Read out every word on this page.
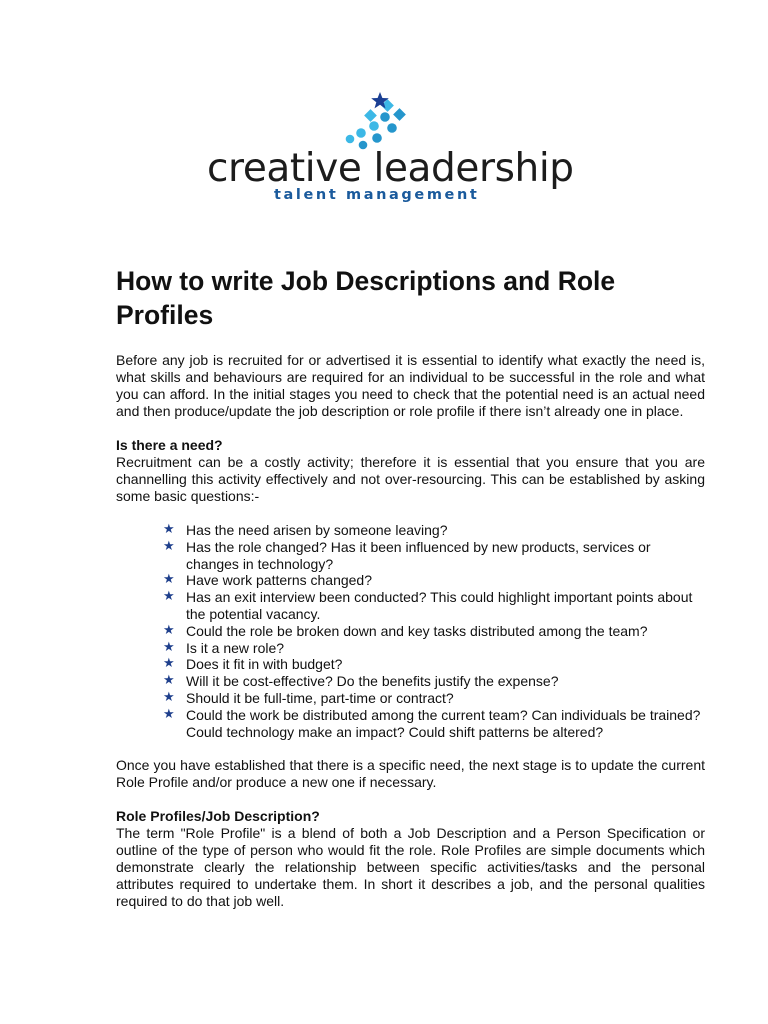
creative leadership
talent management
How to write Job Descriptions and Role Profiles

Before any job is recruited for or advertised it is essential to identify what exactly the need is, what skills and behaviours are required for an individual to be successful in the role and what you can afford. In the initial stages you need to check that the potential need is an actual need and then produce/update the job description or role profile if there isn’t already one in place.

Is there a need?

Recruitment can be a costly activity; therefore it is essential that you ensure that you are channelling this activity effectively and not over-resourcing. This can be established by asking some basic questions:-

★ Has the need arisen by someone leaving?
★ Has the role changed? Has it been influenced by new products, services or changes in technology?
★ Have work patterns changed?
★ Has an exit interview been conducted? This could highlight important points about the potential vacancy.
★ Could the role be broken down and key tasks distributed among the team?
★ Is it a new role?
★ Does it fit in with budget?
★ Will it be cost-effective? Do the benefits justify the expense?
★ Should it be full-time, part-time or contract?
★ Could the work be distributed among the current team? Can individuals be trained? Could technology make an impact? Could shift patterns be altered?

Once you have established that there is a specific need, the next stage is to update the current Role Profile and/or produce a new one if necessary.

Role Profiles/Job Description?

The term "Role Profile" is a blend of both a Job Description and a Person Specification or outline of the type of person who would fit the role. Role Profiles are simple documents which demonstrate clearly the relationship between specific activities/tasks and the personal attributes required to undertake them. In short it describes a job, and the personal qualities required to do that job well.
